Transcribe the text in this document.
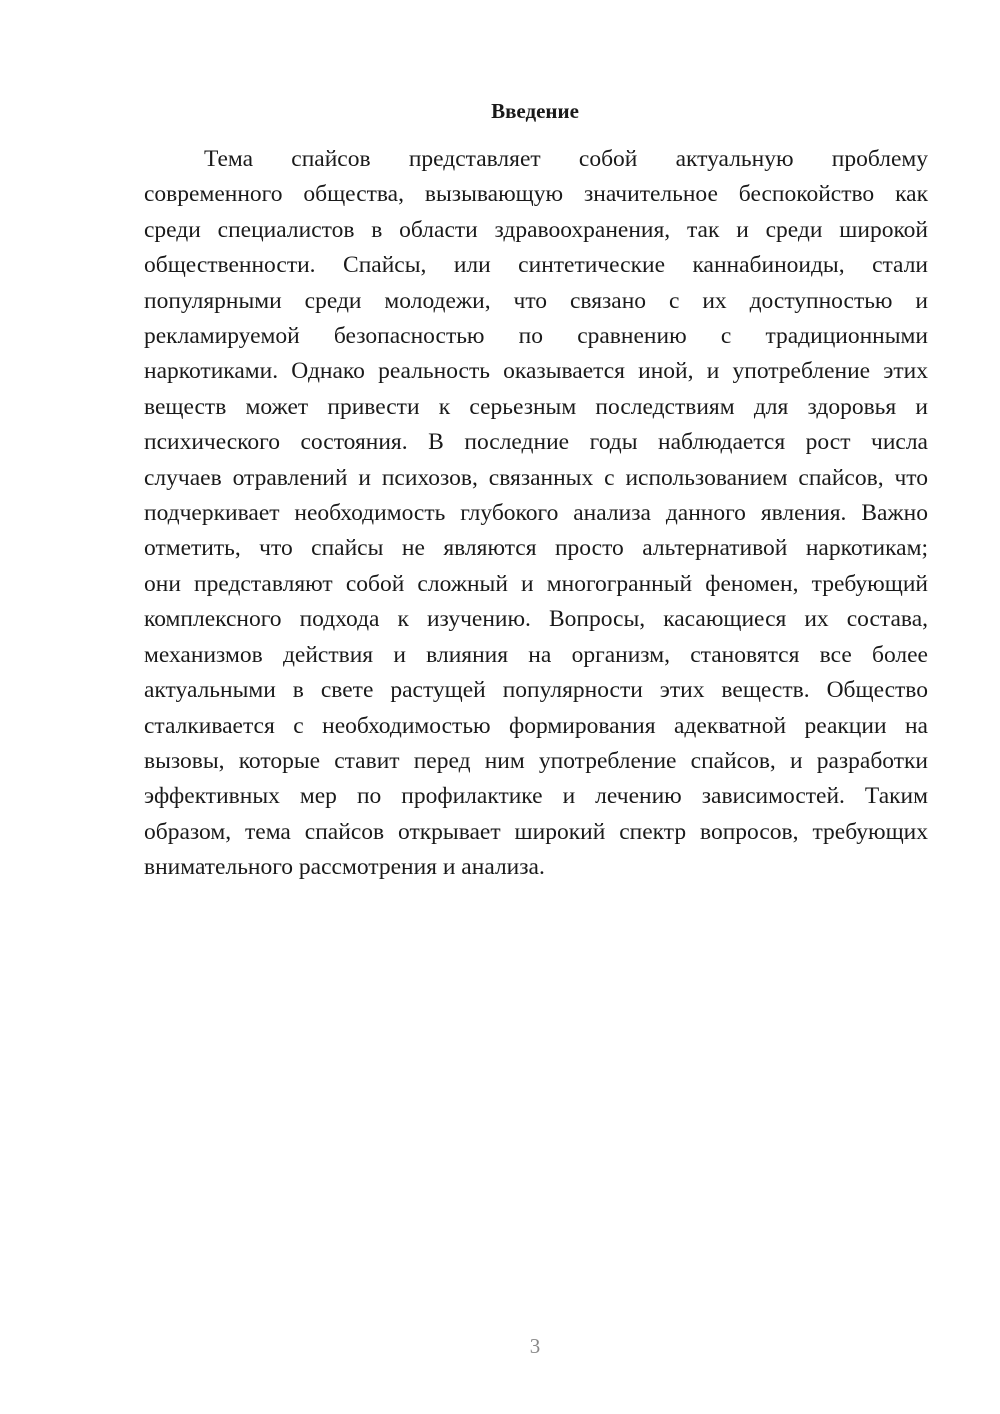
Введение
Тема спайсов представляет собой актуальную проблему
современного общества, вызывающую значительное беспокойство как
среди специалистов в области здравоохранения, так и среди широкой
общественности. Спайсы, или синтетические каннабиноиды, стали
популярными среди молодежи, что связано с их доступностью и
рекламируемой безопасностью по сравнению с традиционными
наркотиками. Однако реальность оказывается иной, и употребление этих
веществ может привести к серьезным последствиям для здоровья и
психического состояния. В последние годы наблюдается рост числа
случаев отравлений и психозов, связанных с использованием спайсов, что
подчеркивает необходимость глубокого анализа данного явления. Важно
отметить, что спайсы не являются просто альтернативой наркотикам;
они представляют собой сложный и многогранный феномен, требующий
комплексного подхода к изучению. Вопросы, касающиеся их состава,
механизмов действия и влияния на организм, становятся все более
актуальными в свете растущей популярности этих веществ. Общество
сталкивается с необходимостью формирования адекватной реакции на
вызовы, которые ставит перед ним употребление спайсов, и разработки
эффективных мер по профилактике и лечению зависимостей. Таким
образом, тема спайсов открывает широкий спектр вопросов, требующих
внимательного рассмотрения и анализа.
3
